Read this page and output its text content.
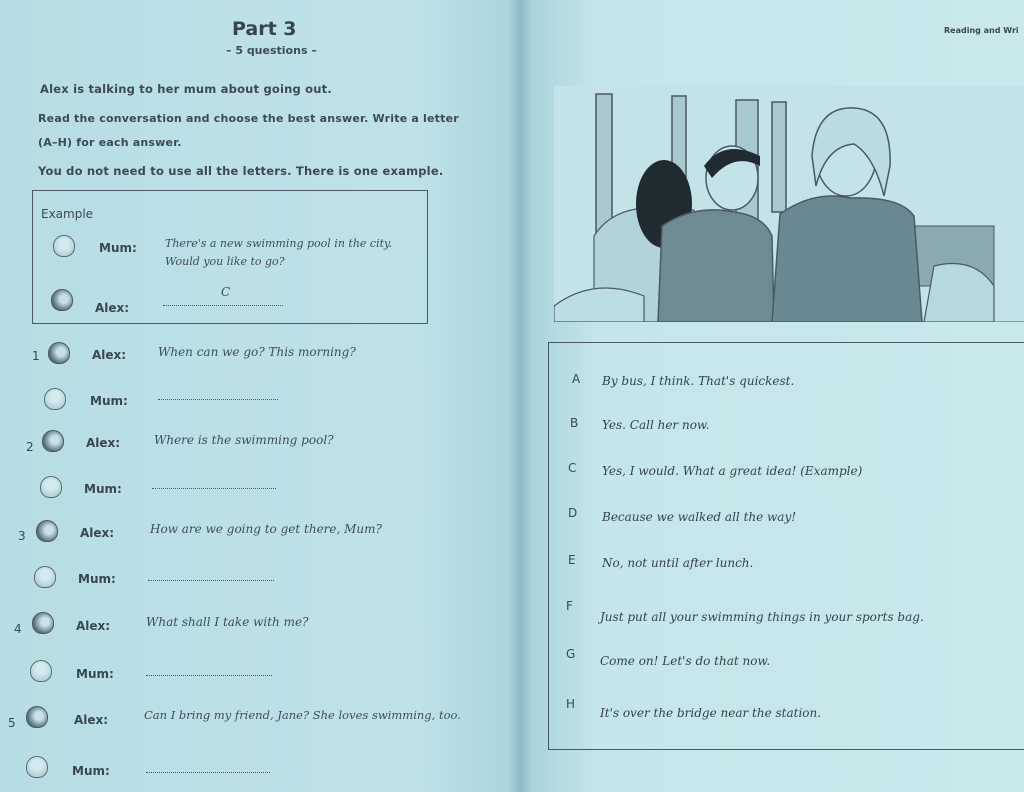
Part 3
– 5 questions –
Reading and Wri
Alex is talking to her mum about going out.
Read the conversation and choose the best answer. Write a letter
(A–H) for each answer.
You do not need to use all the letters. There is one example.
Example
Mum:	There's a new swimming pool in the city.
Would you like to go?
Alex:
C
1	Alex:	When can we go? This morning?
Mum:
2	Alex:	Where is the swimming pool?
Mum:
3	Alex:	How are we going to get there, Mum?
Mum:
4	Alex:	What shall I take with me?
Mum:
5	Alex:	Can I bring my friend, Jane? She loves swimming, too.
Mum:
A By bus, I think. That's quickest.
B Yes. Call her now.
C Yes, I would. What a great idea! (Example)
D Because we walked all the way!
E No, not until after lunch.
F
Just put all your swimming things in your sports bag.
G Come on! Let's do that now.
H
It's over the bridge near the station.
